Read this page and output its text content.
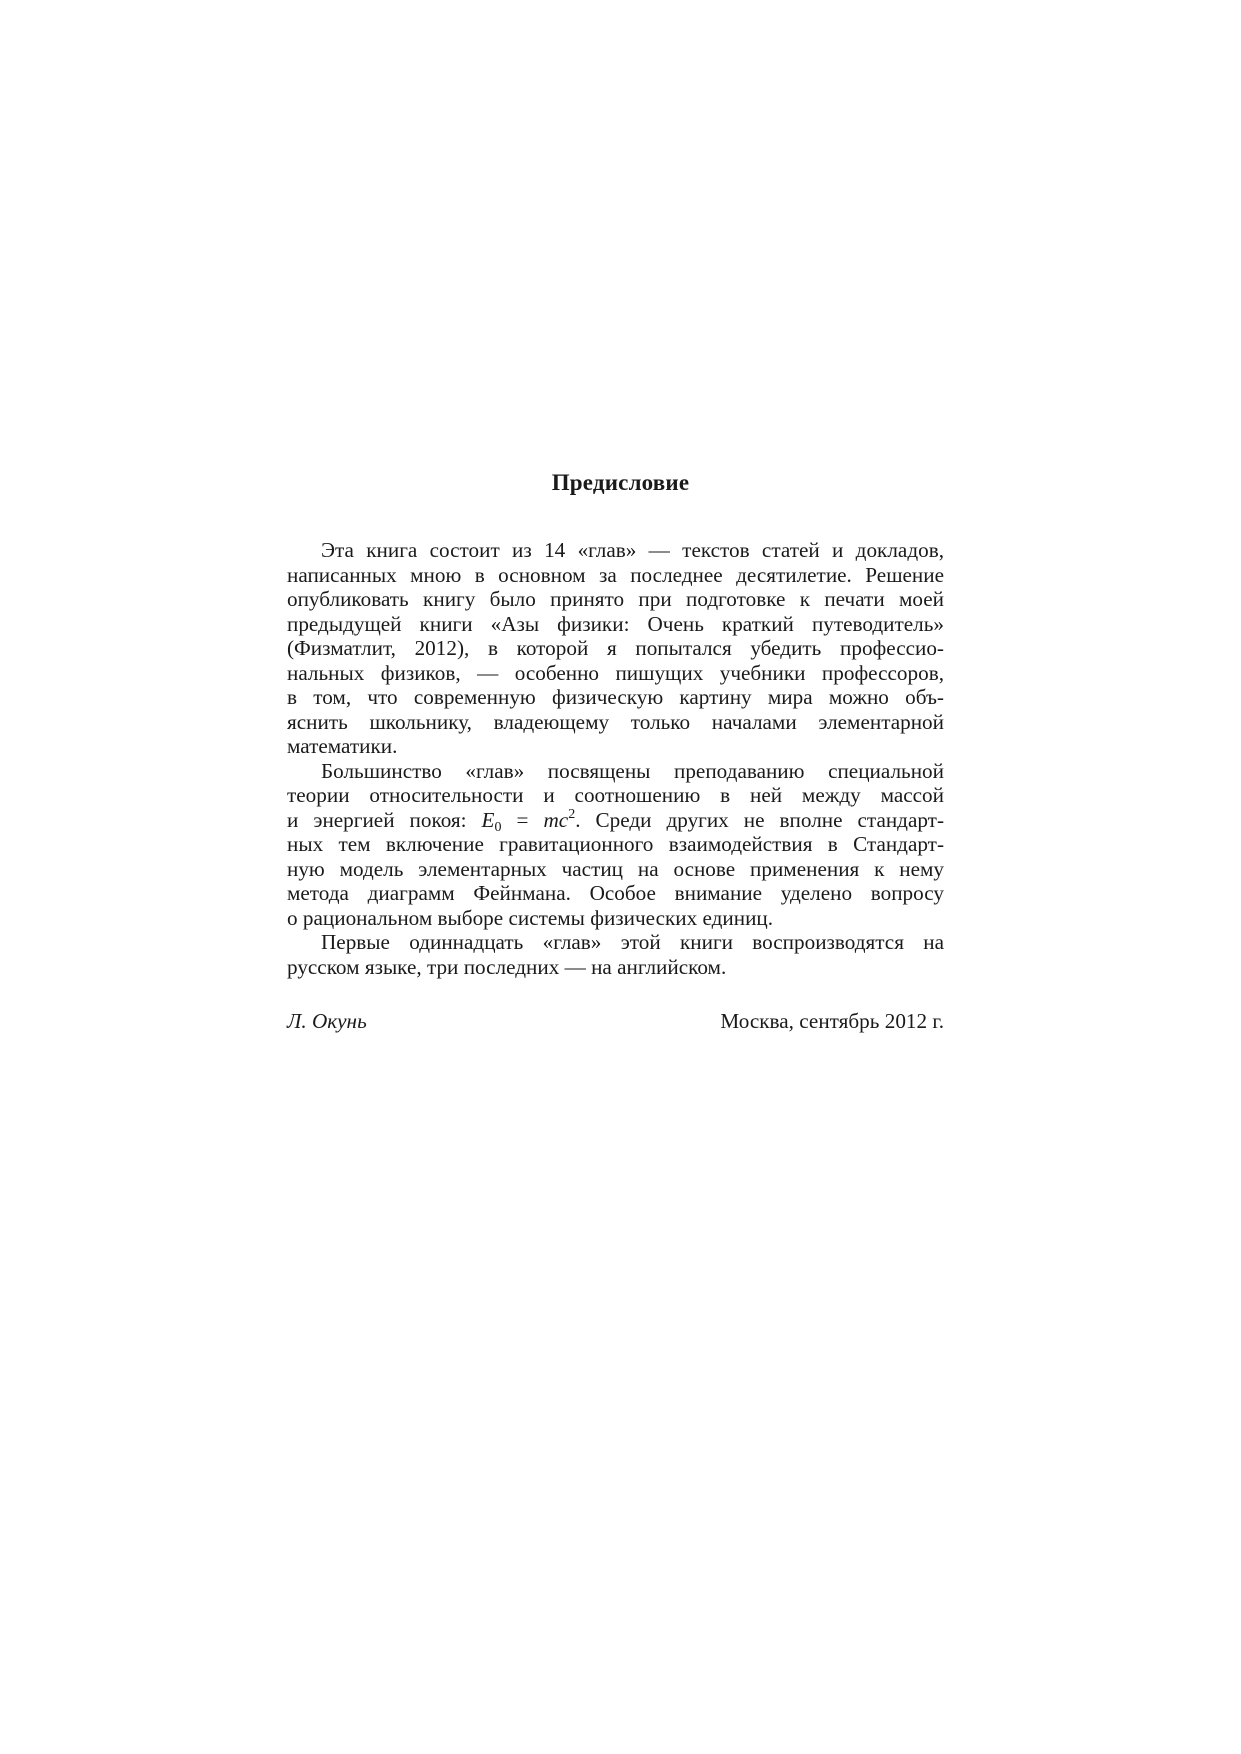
Предисловие
Эта книга состоит из 14 «глав» — текстов статей и докладов,
написанных мною в основном за последнее десятилетие. Решение
опубликовать книгу было принято при подготовке к печати моей
предыдущей книги «Азы физики: Очень краткий путеводитель»
(Физматлит, 2012), в которой я попытался убедить профессио-
нальных физиков, — особенно пишущих учебники профессоров,
в том, что современную физическую картину мира можно объ-
яснить школьнику, владеющему только началами элементарной
математики.
Большинство «глав» посвящены преподаванию специальной
теории относительности и соотношению в ней между массой
и энергией покоя: $E_0 = mc^2$. Среди других не вполне стандарт-
ных тем включение гравитационного взаимодействия в Стандарт-
ную модель элементарных частиц на основе применения к нему
метода диаграмм Фейнмана. Особое внимание уделено вопросу
о рациональном выборе системы физических единиц.
Первые одиннадцать «глав» этой книги воспроизводятся на
русском языке, три последних — на английском.
Л. Окунь	Москва, сентябрь 2012 г.
